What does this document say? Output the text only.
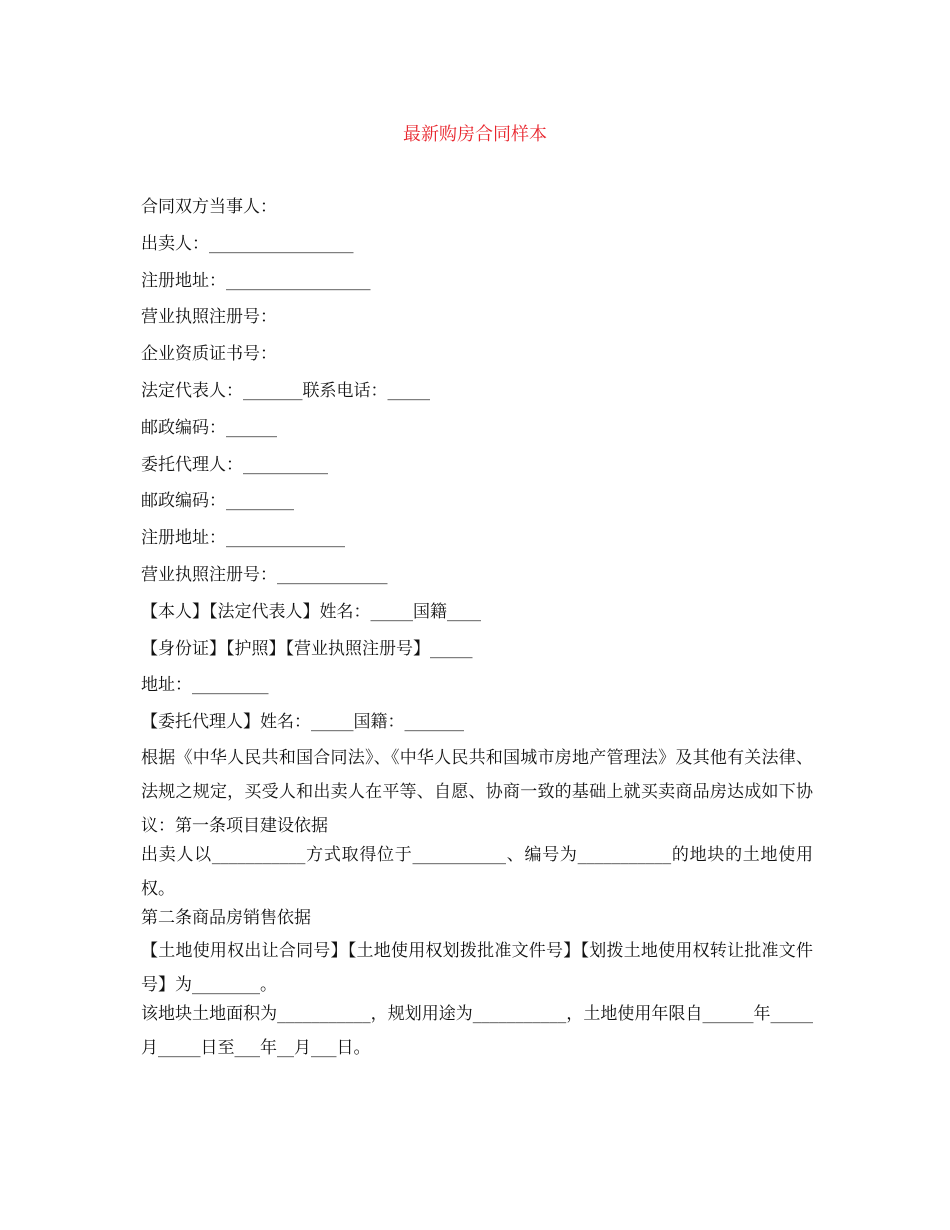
最新购房合同样本
合同双方当事人：
出卖人：_________________
注册地址：_________________
营业执照注册号：
企业资质证书号：
法定代表人：_______联系电话：_____
邮政编码：______
委托代理人：__________
邮政编码：________
注册地址：______________
营业执照注册号：_____________
【本人】【法定代表人】姓名：_____国籍____
【身份证】【护照】【营业执照注册号】_____
地址：_________
【委托代理人】姓名：_____国籍：_______
根据《中华人民共和国合同法》、《中华人民共和国城市房地产管理法》及其他有关法律、法规之规定，买受人和出卖人在平等、自愿、协商一致的基础上就买卖商品房达成如下协议：第一条项目建设依据
出卖人以___________方式取得位于___________、编号为___________的地块的土地使用权。
第二条商品房销售依据
【土地使用权出让合同号】【土地使用权划拨批准文件号】【划拨土地使用权转让批准文件号】为________。
该地块土地面积为___________，规划用途为___________，土地使用年限自______年_____月_____日至___年__月___日。
